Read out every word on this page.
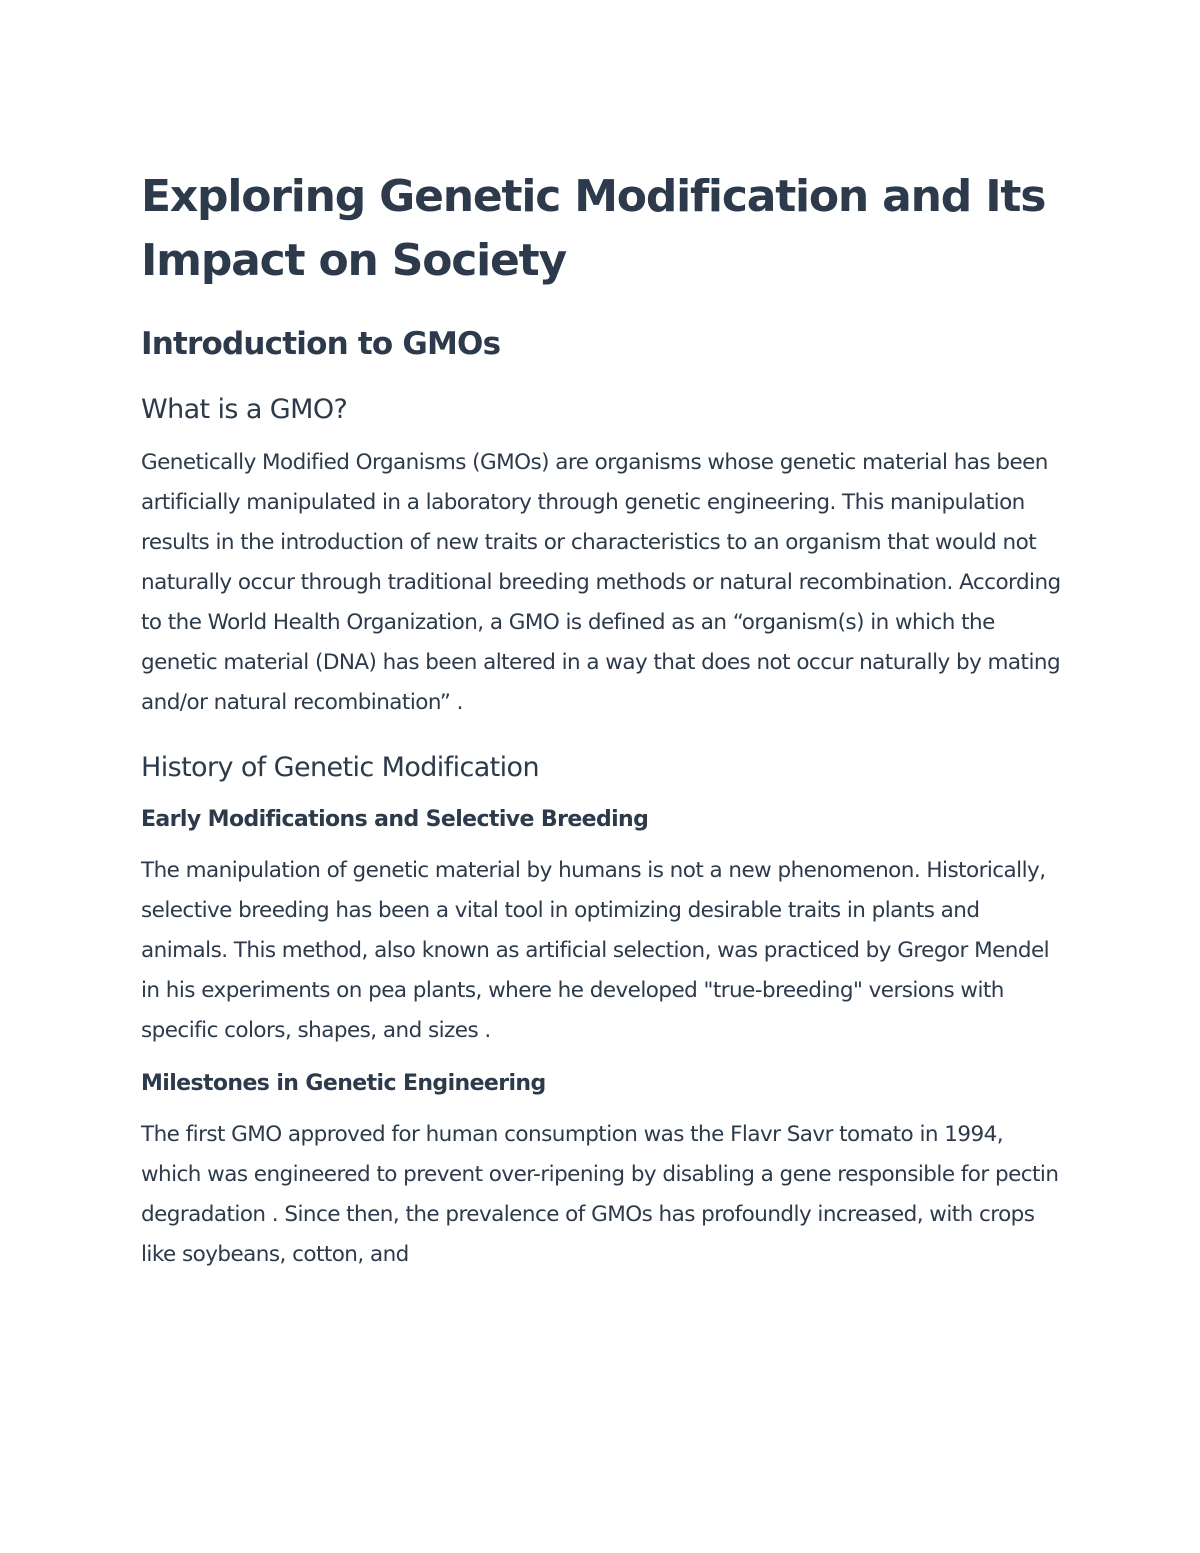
Exploring Genetic Modification and Its Impact on Society
Introduction to GMOs
What is a GMO?

Genetically Modified Organisms (GMOs) are organisms whose genetic material has been artificially manipulated in a laboratory through genetic engineering. This manipulation results in the introduction of new traits or characteristics to an organism that would not naturally occur through traditional breeding methods or natural recombination. According to the World Health Organization, a GMO is defined as an “organism(s) in which the genetic material (DNA) has been altered in a way that does not occur naturally by mating and/or natural recombination” .

History of Genetic Modification
Early Modifications and Selective Breeding

The manipulation of genetic material by humans is not a new phenomenon. Historically, selective breeding has been a vital tool in optimizing desirable traits in plants and animals. This method, also known as artificial selection, was practiced by Gregor Mendel in his experiments on pea plants, where he developed "true-breeding" versions with specific colors, shapes, and sizes .

Milestones in Genetic Engineering

The first GMO approved for human consumption was the Flavr Savr tomato in 1994, which was engineered to prevent over-ripening by disabling a gene responsible for pectin degradation . Since then, the prevalence of GMOs has profoundly increased, with crops like soybeans, cotton, and
